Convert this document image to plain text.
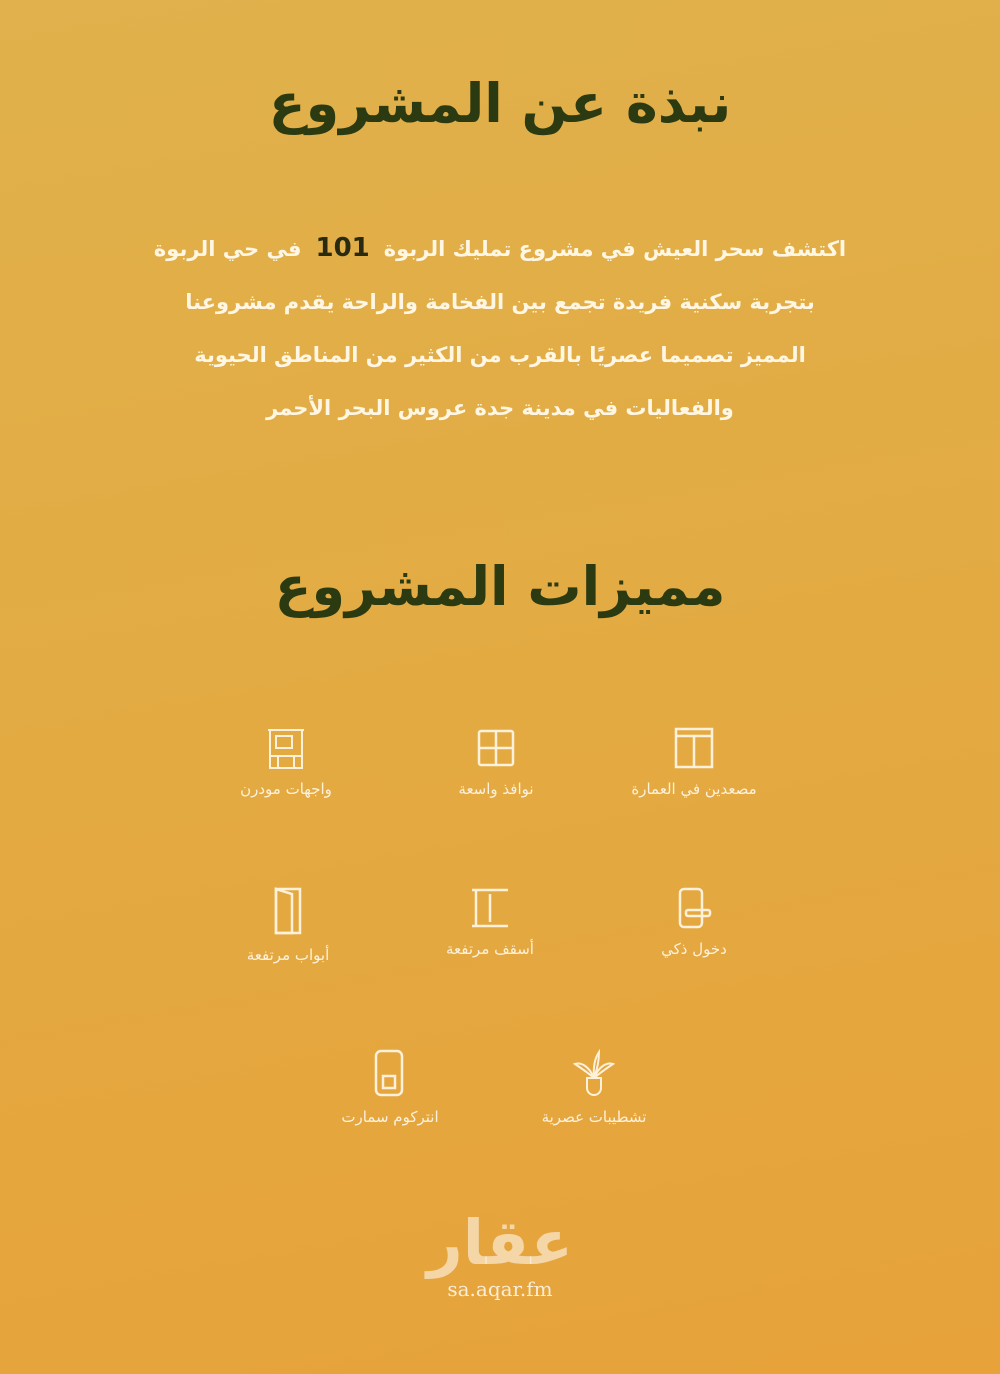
نبذة عن المشروع
اكتشف سحر العيش في مشروع تمليك الربوة101في حي الربوة
بتجربة سكنية فريدة تجمع بين الفخامة والراحة يقدم مشروعنا
المميز تصميما عصريًا بالقرب من الكثير من المناطق الحيوية
والفعاليات في مدينة جدة عروس البحر الأحمر
مميزات المشروع
مصعدين في العمارة
نوافذ واسعة
واجهات مودرن
دخول ذكي
أسقف مرتفعة
أبواب مرتفعة
تشطيبات عصرية
انتركوم سمارت
عقار
sa.aqar.fm
